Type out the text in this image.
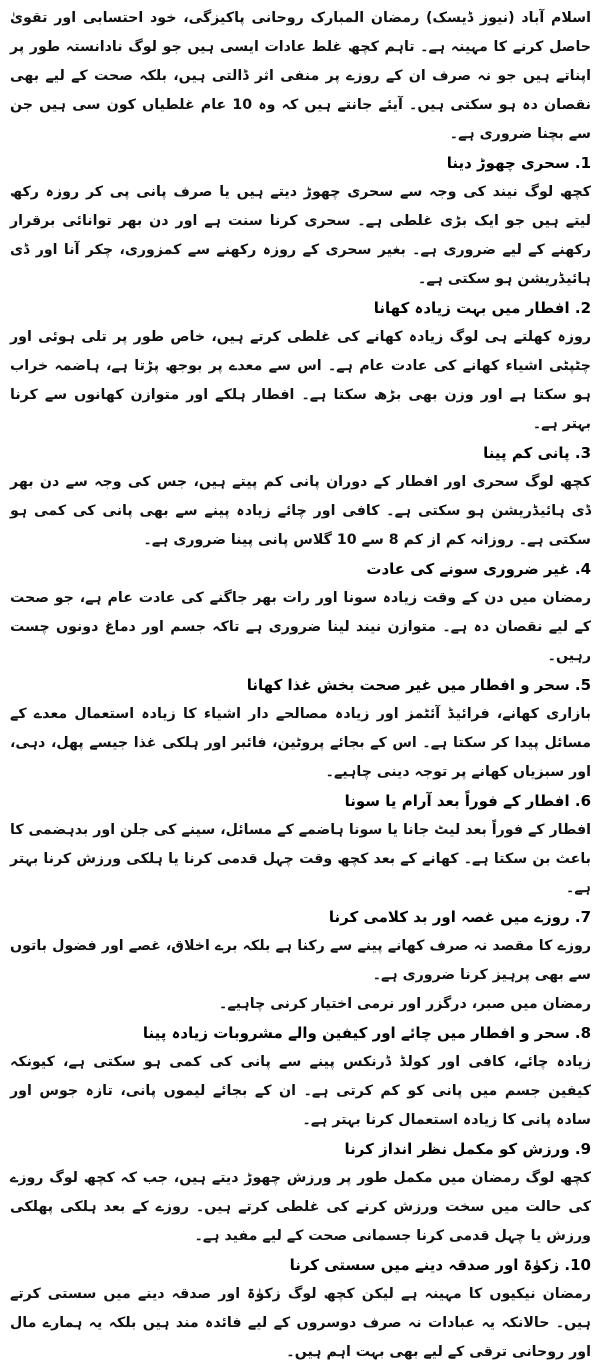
اسلام آباد (نیوز ڈیسک) رمضان المبارک روحانی پاکیزگی، خود احتسابی اور تقویٰ حاصل کرنے کا مہینہ ہے۔ تاہم کچھ غلط عادات ایسی ہیں جو لوگ نادانستہ طور پر اپناتے ہیں جو نہ صرف ان کے روزے پر منفی اثر ڈالتی ہیں، بلکہ صحت کے لیے بھی نقصان دہ ہو سکتی ہیں۔ آیئے جانتے ہیں کہ وہ 10 عام غلطیاں کون سی ہیں جن سے بچنا ضروری ہے۔

1. سحری چھوڑ دینا

کچھ لوگ نیند کی وجہ سے سحری چھوڑ دیتے ہیں یا صرف پانی پی کر روزہ رکھ لیتے ہیں جو ایک بڑی غلطی ہے۔ سحری کرنا سنت ہے اور دن بھر توانائی برقرار رکھنے کے لیے ضروری ہے۔ بغیر سحری کے روزہ رکھنے سے کمزوری، چکر آنا اور ڈی ہائیڈریشن ہو سکتی ہے۔

2. افطار میں بہت زیادہ کھانا

روزہ کھلتے ہی لوگ زیادہ کھانے کی غلطی کرتے ہیں، خاص طور پر تلی ہوئی اور چٹپٹی اشیاء کھانے کی عادت عام ہے۔ اس سے معدے پر بوجھ پڑتا ہے، ہاضمہ خراب ہو سکتا ہے اور وزن بھی بڑھ سکتا ہے۔ افطار ہلکے اور متوازن کھانوں سے کرنا بہتر ہے۔

3. پانی کم پینا

کچھ لوگ سحری اور افطار کے دوران پانی کم پیتے ہیں، جس کی وجہ سے دن بھر ڈی ہائیڈریشن ہو سکتی ہے۔ کافی اور چائے زیادہ پینے سے بھی پانی کی کمی ہو سکتی ہے۔ روزانہ کم از کم 8 سے 10 گلاس پانی پینا ضروری ہے۔

4. غیر ضروری سونے کی عادت

رمضان میں دن کے وقت زیادہ سونا اور رات بھر جاگنے کی عادت عام ہے، جو صحت کے لیے نقصان دہ ہے۔ متوازن نیند لینا ضروری ہے تاکہ جسم اور دماغ دونوں چست رہیں۔

5. سحر و افطار میں غیر صحت بخش غذا کھانا

بازاری کھانے، فرائیڈ آئٹمز اور زیادہ مصالحے دار اشیاء کا زیادہ استعمال معدے کے مسائل پیدا کر سکتا ہے۔ اس کے بجائے پروٹین، فائبر اور ہلکی غذا جیسے پھل، دہی، اور سبزیاں کھانے پر توجہ دینی چاہیے۔

6. افطار کے فوراً بعد آرام یا سونا

افطار کے فوراً بعد لیٹ جانا یا سونا ہاضمے کے مسائل، سینے کی جلن اور بدہضمی کا باعث بن سکتا ہے۔ کھانے کے بعد کچھ وقت چہل قدمی کرنا یا ہلکی ورزش کرنا بہتر ہے۔

7. روزے میں غصہ اور بد کلامی کرنا

روزے کا مقصد نہ صرف کھانے پینے سے رکنا ہے بلکہ برے اخلاق، غصے اور فضول باتوں سے بھی پرہیز کرنا ضروری ہے۔

رمضان میں صبر، درگزر اور نرمی اختیار کرنی چاہیے۔

8. سحر و افطار میں چائے اور کیفین والے مشروبات زیادہ پینا

زیادہ چائے، کافی اور کولڈ ڈرنکس پینے سے پانی کی کمی ہو سکتی ہے، کیونکہ کیفین جسم میں پانی کو کم کرتی ہے۔ ان کے بجائے لیموں پانی، تازہ جوس اور سادہ پانی کا زیادہ استعمال کرنا بہتر ہے۔

9. ورزش کو مکمل نظر انداز کرنا

کچھ لوگ رمضان میں مکمل طور پر ورزش چھوڑ دیتے ہیں، جب کہ کچھ لوگ روزے کی حالت میں سخت ورزش کرنے کی غلطی کرتے ہیں۔ روزے کے بعد ہلکی پھلکی ورزش یا چہل قدمی کرنا جسمانی صحت کے لیے مفید ہے۔

10. زکوٰۃ اور صدقہ دینے میں سستی کرنا

رمضان نیکیوں کا مہینہ ہے لیکن کچھ لوگ زکوٰۃ اور صدقہ دینے میں سستی کرتے ہیں۔ حالانکہ یہ عبادات نہ صرف دوسروں کے لیے فائدہ مند ہیں بلکہ یہ ہمارے مال اور روحانی ترقی کے لیے بھی بہت اہم ہیں۔
